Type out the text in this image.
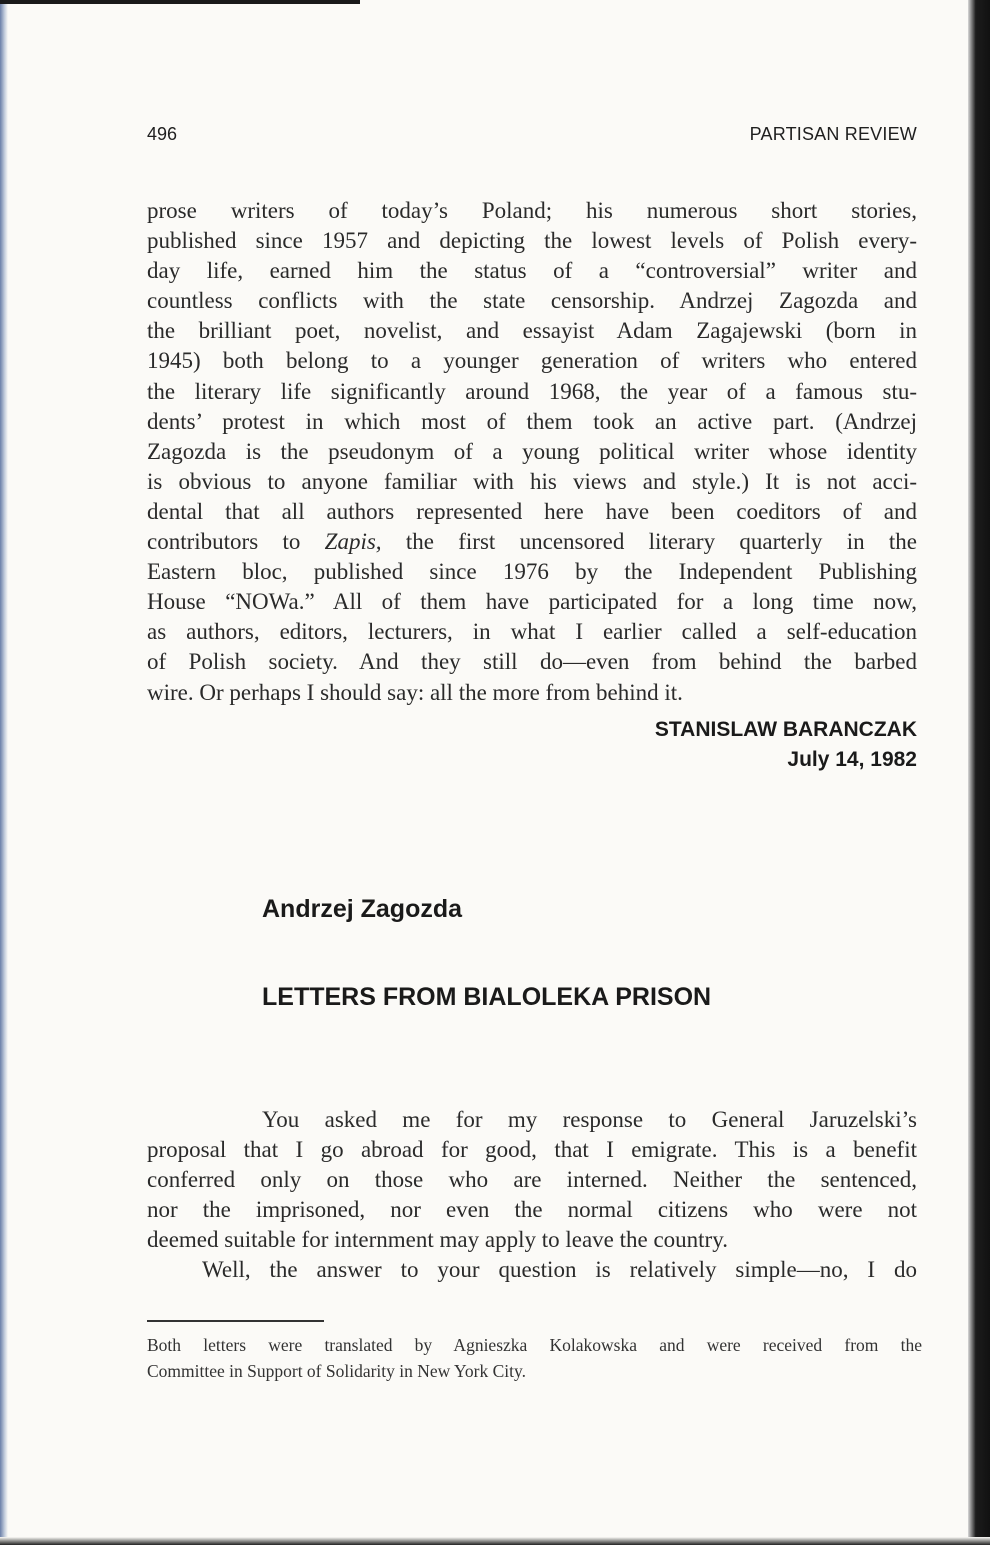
496	PARTISAN REVIEW

prose writers of today’s Poland; his numerous short stories,
published since 1957 and depicting the lowest levels of Polish every-
day life, earned him the status of a “controversial” writer and
countless conflicts with the state censorship. Andrzej Zagozda and
the brilliant poet, novelist, and essayist Adam Zagajewski (born in
1945) both belong to a younger generation of writers who entered
the literary life significantly around 1968, the year of a famous stu-
dents’ protest in which most of them took an active part. (Andrzej
Zagozda is the pseudonym of a young political writer whose identity
is obvious to anyone familiar with his views and style.) It is not acci-
dental that all authors represented here have been coeditors of and
contributors to Zapis, the first uncensored literary quarterly in the
Eastern bloc, published since 1976 by the Independent Publishing
House “NOWa.” All of them have participated for a long time now,
as authors, editors, lecturers, in what I earlier called a self-education
of Polish society. And they still do—even from behind the barbed
wire. Or perhaps I should say: all the more from behind it.

STANISLAW BARANCZAK
July 14, 1982
Andrzej Zagozda
LETTERS FROM BIALOLEKA PRISON

You asked me for my response to General Jaruzelski’s
proposal that I go abroad for good, that I emigrate. This is a benefit
conferred only on those who are interned. Neither the sentenced,
nor the imprisoned, nor even the normal citizens who were not
deemed suitable for internment may apply to leave the country.
Well, the answer to your question is relatively simple—no, I do

Both letters were translated by Agnieszka Kolakowska and were received from the
Committee in Support of Solidarity in New York City.
